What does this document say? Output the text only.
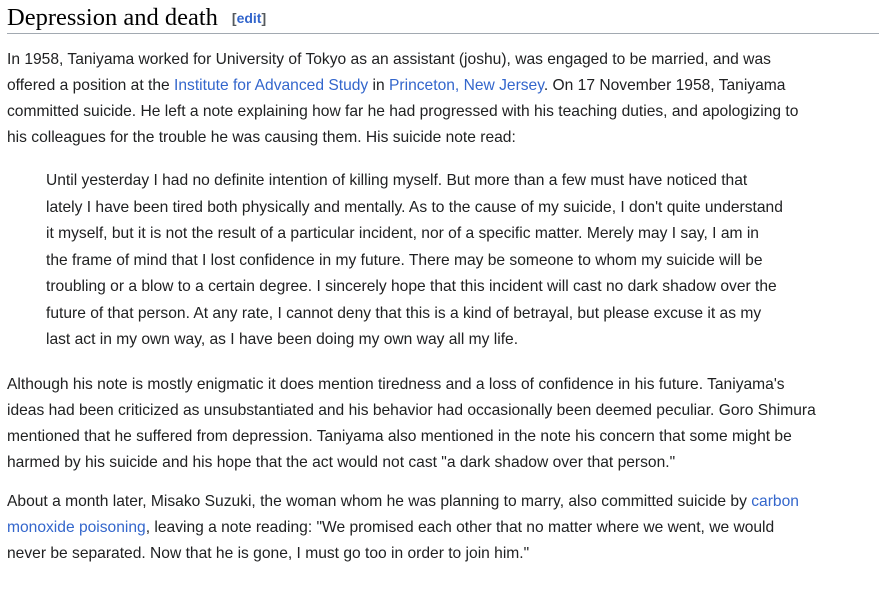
Depression and death [edit]

In 1958, Taniyama worked for University of Tokyo as an assistant (joshu), was engaged to be married, and was

offered a position at the Institute for Advanced Study in Princeton, New Jersey. On 17 November 1958, Taniyama

committed suicide. He left a note explaining how far he had progressed with his teaching duties, and apologizing to

his colleagues for the trouble he was causing them. His suicide note read:

Until yesterday I had no definite intention of killing myself. But more than a few must have noticed that

lately I have been tired both physically and mentally. As to the cause of my suicide, I don't quite understand

it myself, but it is not the result of a particular incident, nor of a specific matter. Merely may I say, I am in

the frame of mind that I lost confidence in my future. There may be someone to whom my suicide will be

troubling or a blow to a certain degree. I sincerely hope that this incident will cast no dark shadow over the

future of that person. At any rate, I cannot deny that this is a kind of betrayal, but please excuse it as my

last act in my own way, as I have been doing my own way all my life.

Although his note is mostly enigmatic it does mention tiredness and a loss of confidence in his future. Taniyama's

ideas had been criticized as unsubstantiated and his behavior had occasionally been deemed peculiar. Goro Shimura

mentioned that he suffered from depression. Taniyama also mentioned in the note his concern that some might be

harmed by his suicide and his hope that the act would not cast "a dark shadow over that person."

About a month later, Misako Suzuki, the woman whom he was planning to marry, also committed suicide by carbon

monoxide poisoning, leaving a note reading: "We promised each other that no matter where we went, we would

never be separated. Now that he is gone, I must go too in order to join him."
